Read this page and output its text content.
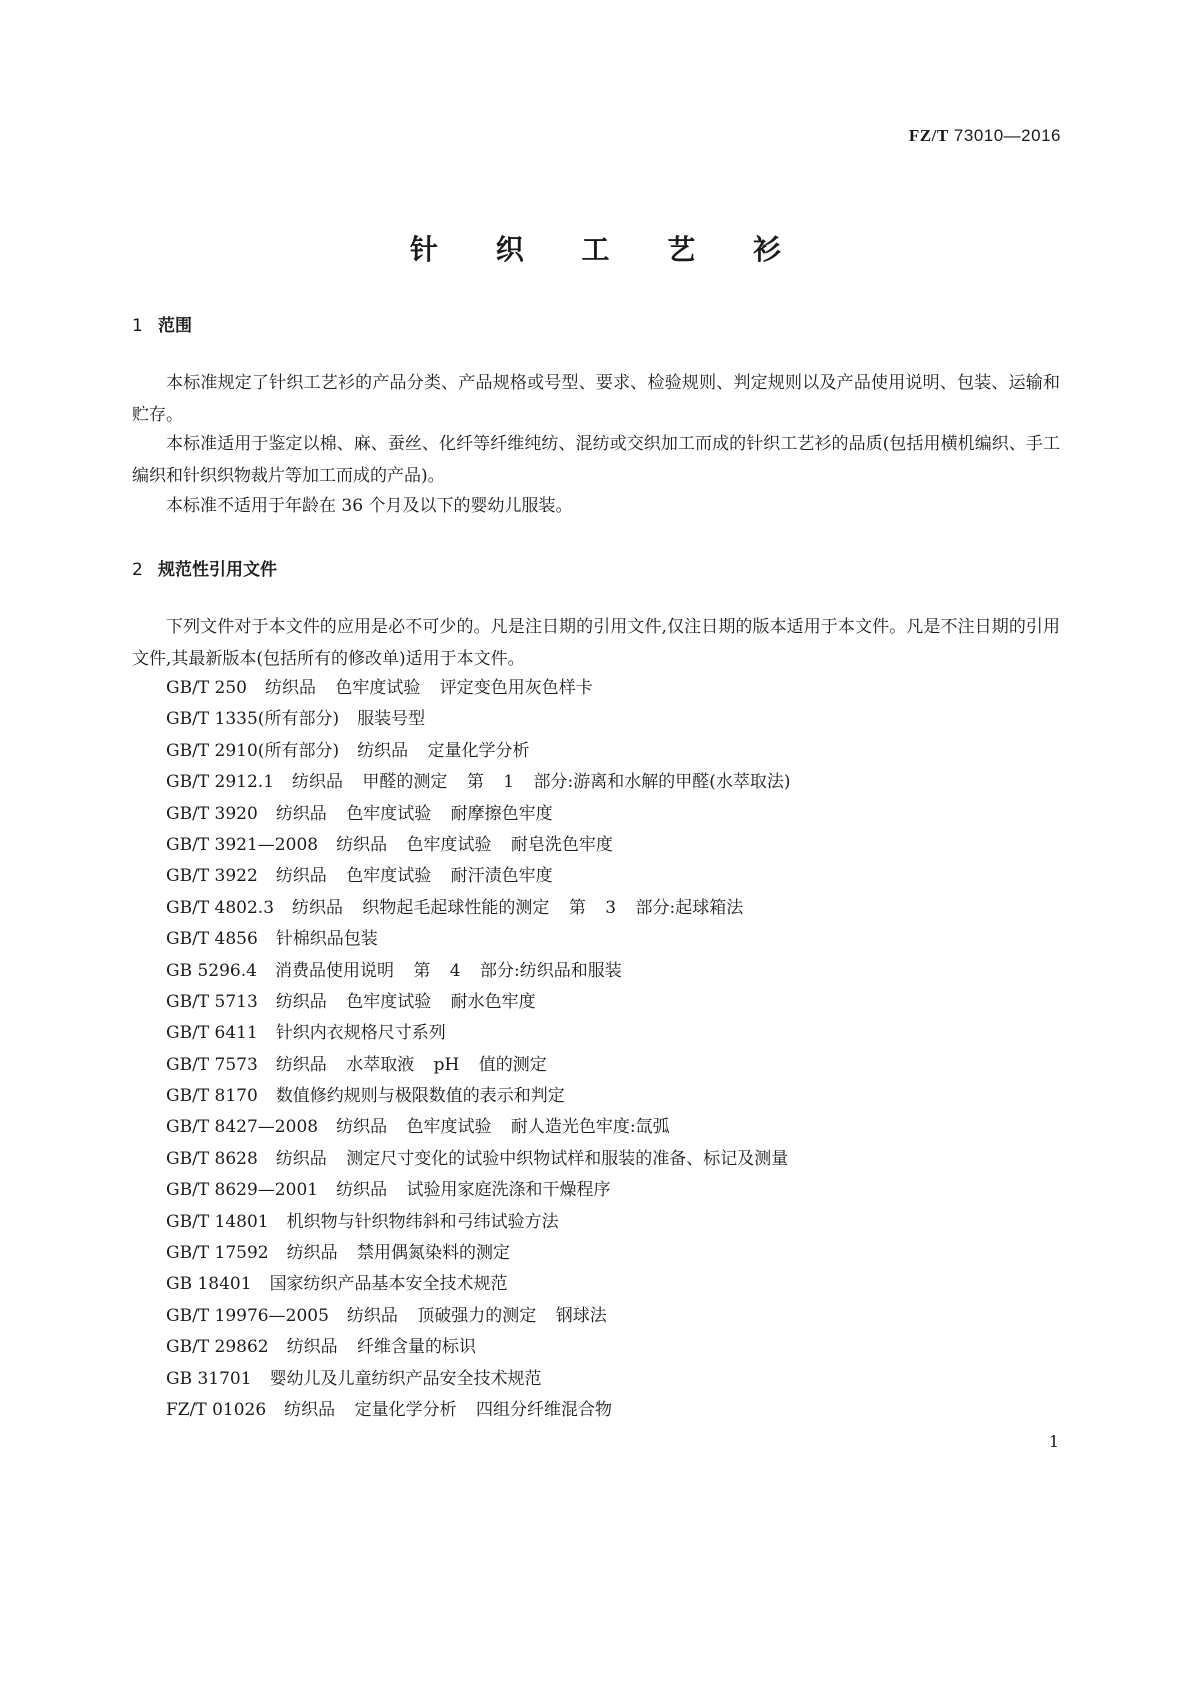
FZ/T 73010—2016
针 织 工 艺 衫
1 范围

本标准规定了针织工艺衫的产品分类、产品规格或号型、要求、检验规则、判定规则以及产品使用说明、包装、运输和贮存。

本标准适用于鉴定以棉、麻、蚕丝、化纤等纤维纯纺、混纺或交织加工而成的针织工艺衫的品质(包括用横机编织、手工编织和针织织物裁片等加工而成的产品)。

本标准不适用于年龄在 36 个月及以下的婴幼儿服装。

2 规范性引用文件

下列文件对于本文件的应用是必不可少的。凡是注日期的引用文件,仅注日期的版本适用于本文件。凡是不注日期的引用文件,其最新版本(包括所有的修改单)适用于本文件。

GB/T 250 纺织品 色牢度试验 评定变色用灰色样卡
GB/T 1335(所有部分) 服装号型
GB/T 2910(所有部分) 纺织品 定量化学分析
GB/T 2912.1 纺织品 甲醛的测定 第 1 部分:游离和水解的甲醛(水萃取法)
GB/T 3920 纺织品 色牢度试验 耐摩擦色牢度
GB/T 3921—2008 纺织品 色牢度试验 耐皂洗色牢度
GB/T 3922 纺织品 色牢度试验 耐汗渍色牢度
GB/T 4802.3 纺织品 织物起毛起球性能的测定 第 3 部分:起球箱法
GB/T 4856 针棉织品包装
GB 5296.4 消费品使用说明 第 4 部分:纺织品和服装
GB/T 5713 纺织品 色牢度试验 耐水色牢度
GB/T 6411 针织内衣规格尺寸系列
GB/T 7573 纺织品 水萃取液 pH 值的测定
GB/T 8170 数值修约规则与极限数值的表示和判定
GB/T 8427—2008 纺织品 色牢度试验 耐人造光色牢度:氙弧
GB/T 8628 纺织品 测定尺寸变化的试验中织物试样和服装的准备、标记及测量
GB/T 8629—2001 纺织品 试验用家庭洗涤和干燥程序
GB/T 14801 机织物与针织物纬斜和弓纬试验方法
GB/T 17592 纺织品 禁用偶氮染料的测定
GB 18401 国家纺织产品基本安全技术规范
GB/T 19976—2005 纺织品 顶破强力的测定 钢球法
GB/T 29862 纺织品 纤维含量的标识
GB 31701 婴幼儿及儿童纺织产品安全技术规范
FZ/T 01026 纺织品 定量化学分析 四组分纤维混合物
1
